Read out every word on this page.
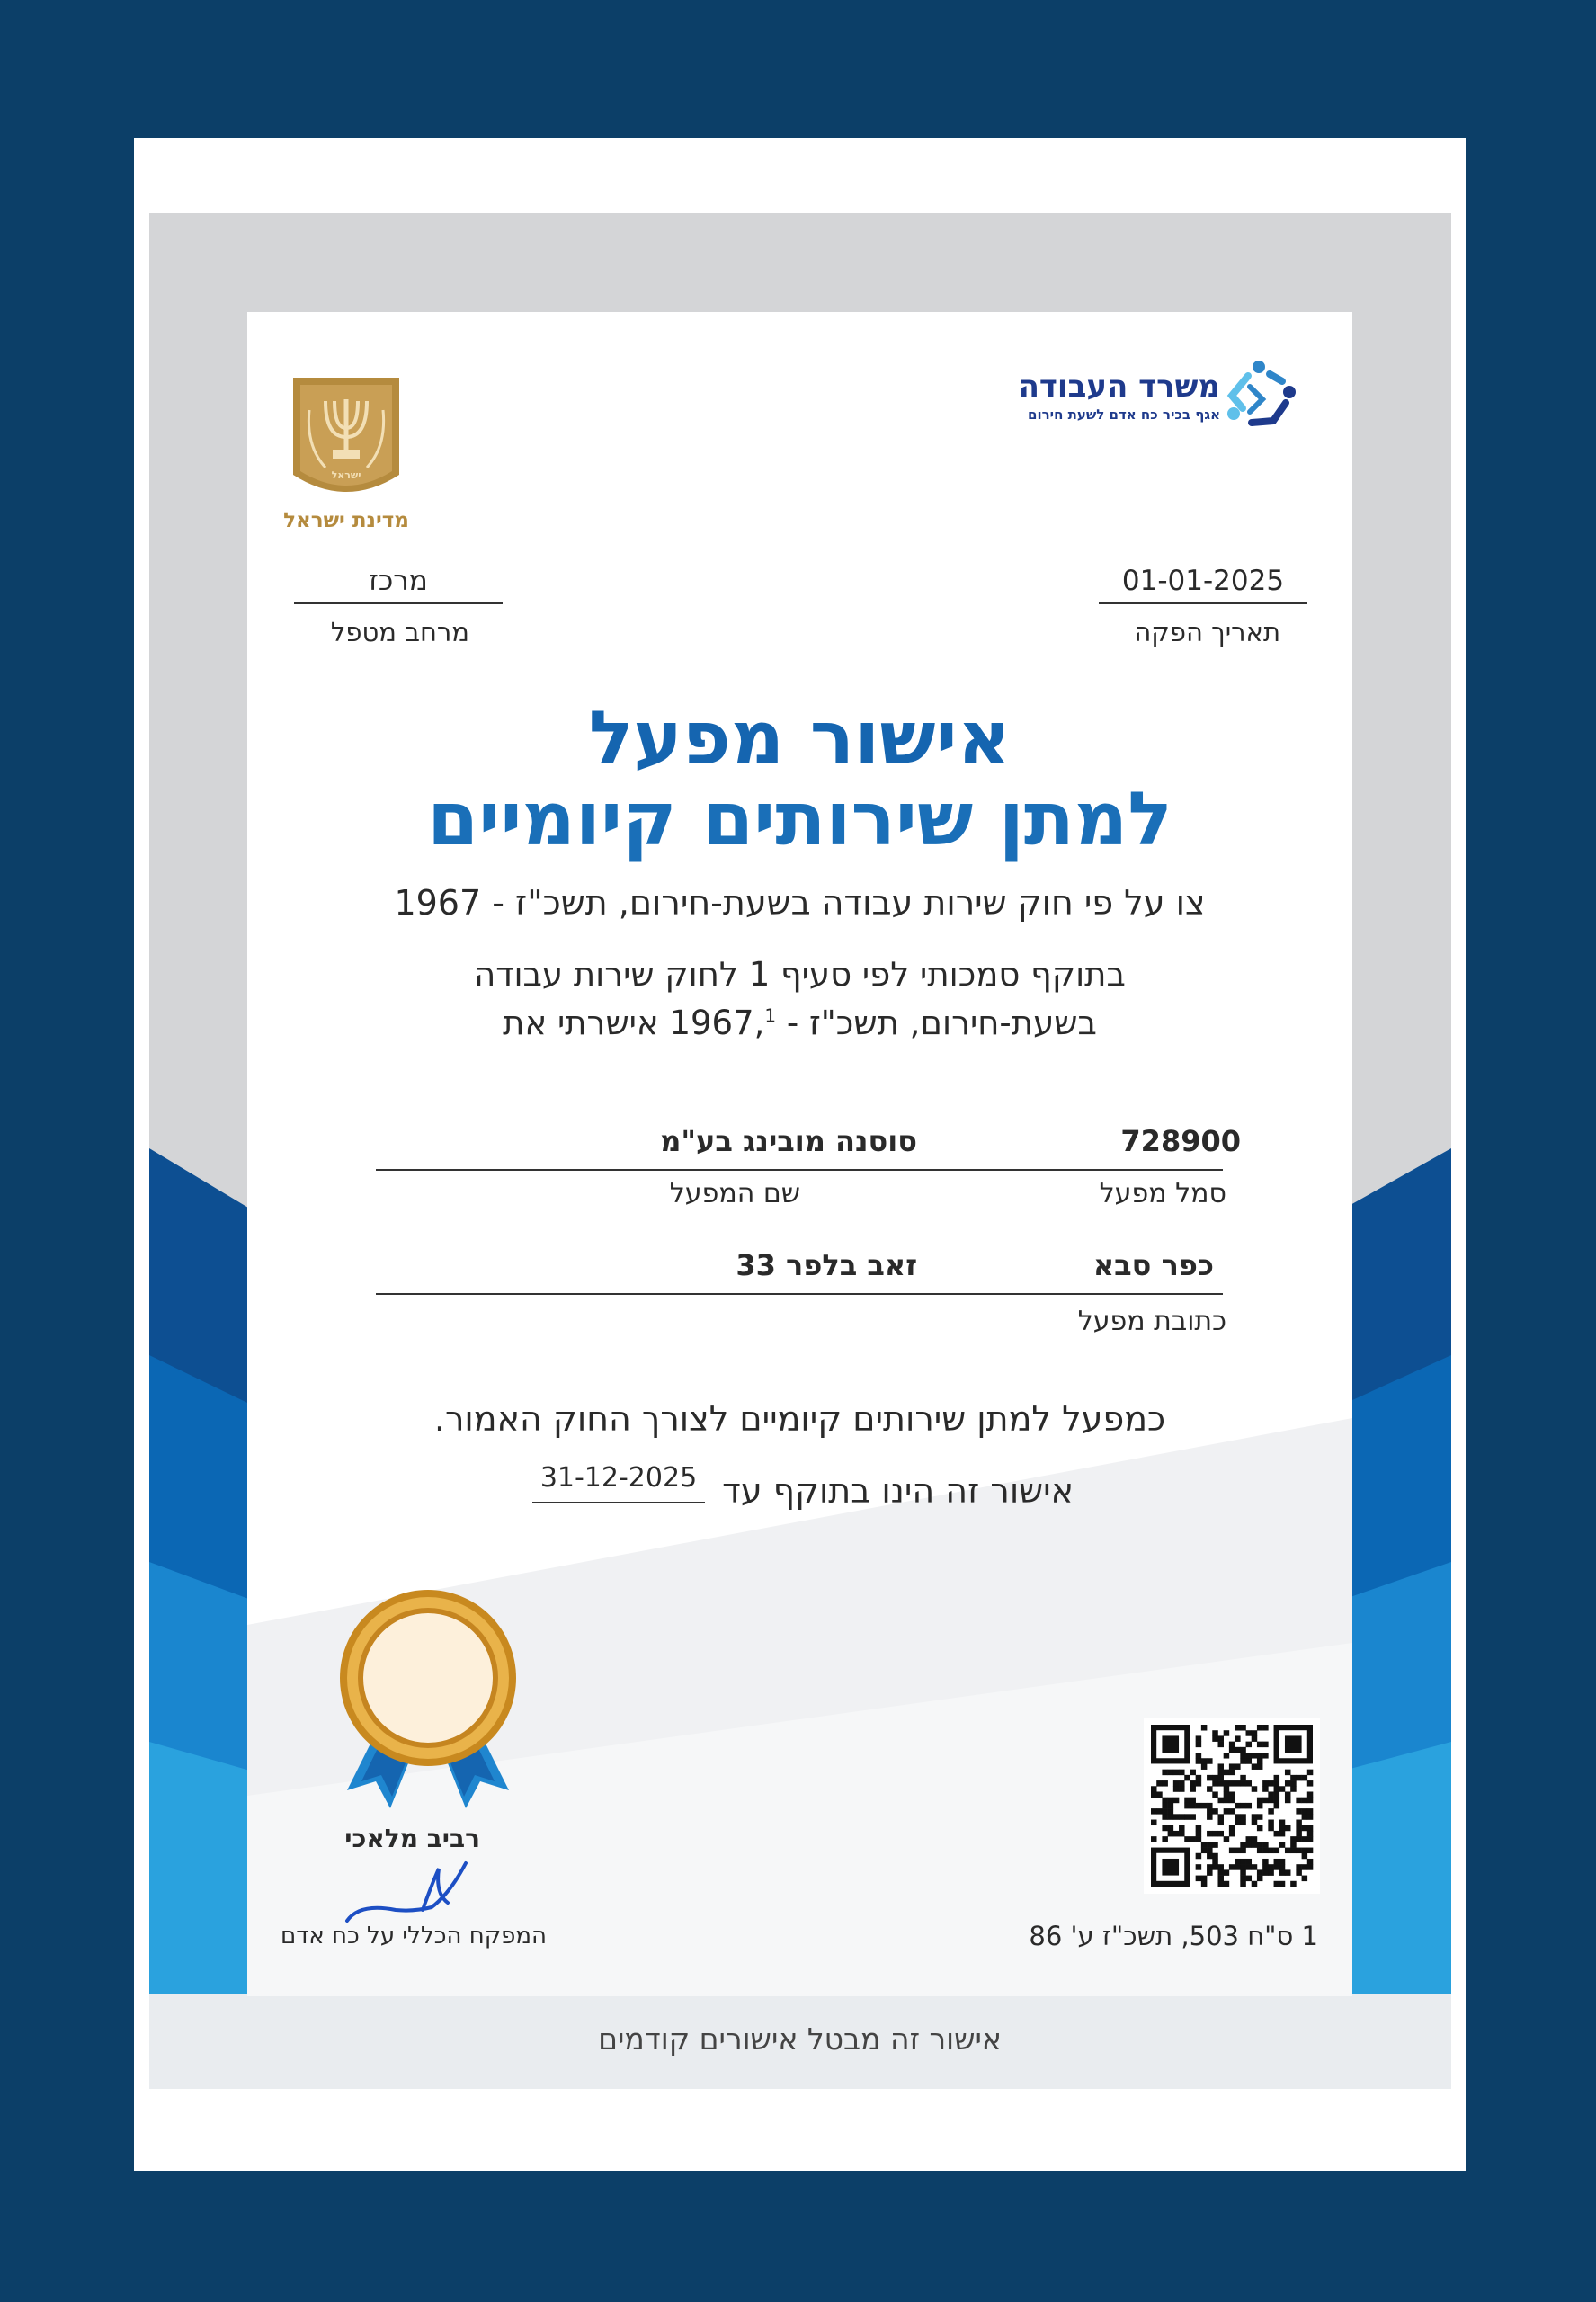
משרד העבודה
אגף בכיר כח אדם לשעת חירום
ישראל
מדינת ישראל
01-01-2025
תאריך הפקה
מרכז
מרחב מטפל
אישור מפעל
למתן שירותים קיומיים
צו על פי חוק שירות עבודה בשעת-חירום, תשכ"ז - 1967
בתוקף סמכותי לפי סעיף 1 לחוק שירות עבודה
בשעת-חירום, תשכ"ז - 1967,$^1$ אישרתי את
728900
סוסנה מובינג בע"מ
סמל מפעל
שם המפעל
כפר סבא
זאב בלפר 33
כתובת מפעל
כמפעל למתן שירותים קיומיים לצורך החוק האמור.
אישור זה הינו בתוקף עד
31-12-2025
רביב מלאכי
המפקח הכללי על כח אדם	1 ס"ח 503, תשכ"ז ע' 86
אישור זה מבטל אישורים קודמים
